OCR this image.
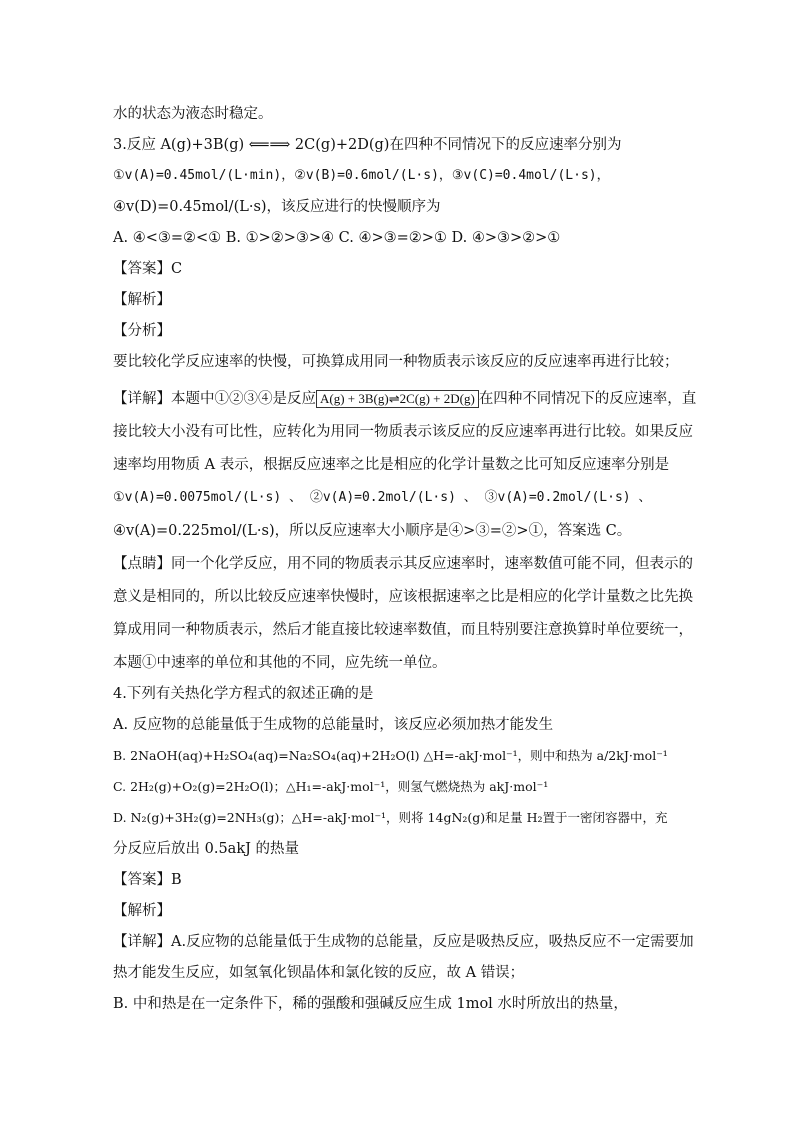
水的状态为液态时稳定。
3.反应 A(g)+3B(g) ⟸⟹ 2C(g)+2D(g)在四种不同情况下的反应速率分别为
①v(A)=0.45mol/(L·min)，②v(B)=0.6mol/(L·s)，③v(C)=0.4mol/(L·s)，
④v(D)=0.45mol/(L·s)，该反应进行的快慢顺序为
A. ④<③=②<① B. ①>②>③>④ C. ④>③=②>① D. ④>③>②>①
【答案】C
【解析】
【分析】
要比较化学反应速率的快慢，可换算成用同一种物质表示该反应的反应速率再进行比较；
【详解】本题中①②③④是反应 A(g) + 3B(g)⇌2C(g) + 2D(g) 在四种不同情况下的反应速率，直
接比较大小没有可比性，应转化为用同一物质表示该反应的反应速率再进行比较。如果反应
速率均用物质 A 表示，根据反应速率之比是相应的化学计量数之比可知反应速率分别是
①v(A)=0.0075mol/(L·s) 、 ②v(A)=0.2mol/(L·s) 、 ③v(A)=0.2mol/(L·s) 、
④v(A)=0.225mol/(L·s)，所以反应速率大小顺序是④>③=②>①，答案选 C。
【点睛】同一个化学反应，用不同的物质表示其反应速率时，速率数值可能不同，但表示的
意义是相同的，所以比较反应速率快慢时，应该根据速率之比是相应的化学计量数之比先换
算成用同一种物质表示，然后才能直接比较速率数值，而且特别要注意换算时单位要统一，
本题①中速率的单位和其他的不同，应先统一单位。
4.下列有关热化学方程式的叙述正确的是
A. 反应物的总能量低于生成物的总能量时，该反应必须加热才能发生
B. 2NaOH(aq)+H₂SO₄(aq)=Na₂SO₄(aq)+2H₂O(l) △H=-akJ·mol⁻¹，则中和热为 a/2kJ·mol⁻¹
C. 2H₂(g)+O₂(g)=2H₂O(l)；△H₁=-akJ·mol⁻¹，则氢气燃烧热为 akJ·mol⁻¹
D. N₂(g)+3H₂(g)=2NH₃(g)；△H=-akJ·mol⁻¹，则将 14gN₂(g)和足量 H₂置于一密闭容器中，充
分反应后放出 0.5akJ 的热量
【答案】B
【解析】
【详解】A.反应物的总能量低于生成物的总能量，反应是吸热反应，吸热反应不一定需要加
热才能发生反应，如氢氧化钡晶体和氯化铵的反应，故 A 错误；
B. 中和热是在一定条件下，稀的强酸和强碱反应生成 1mol 水时所放出的热量，
